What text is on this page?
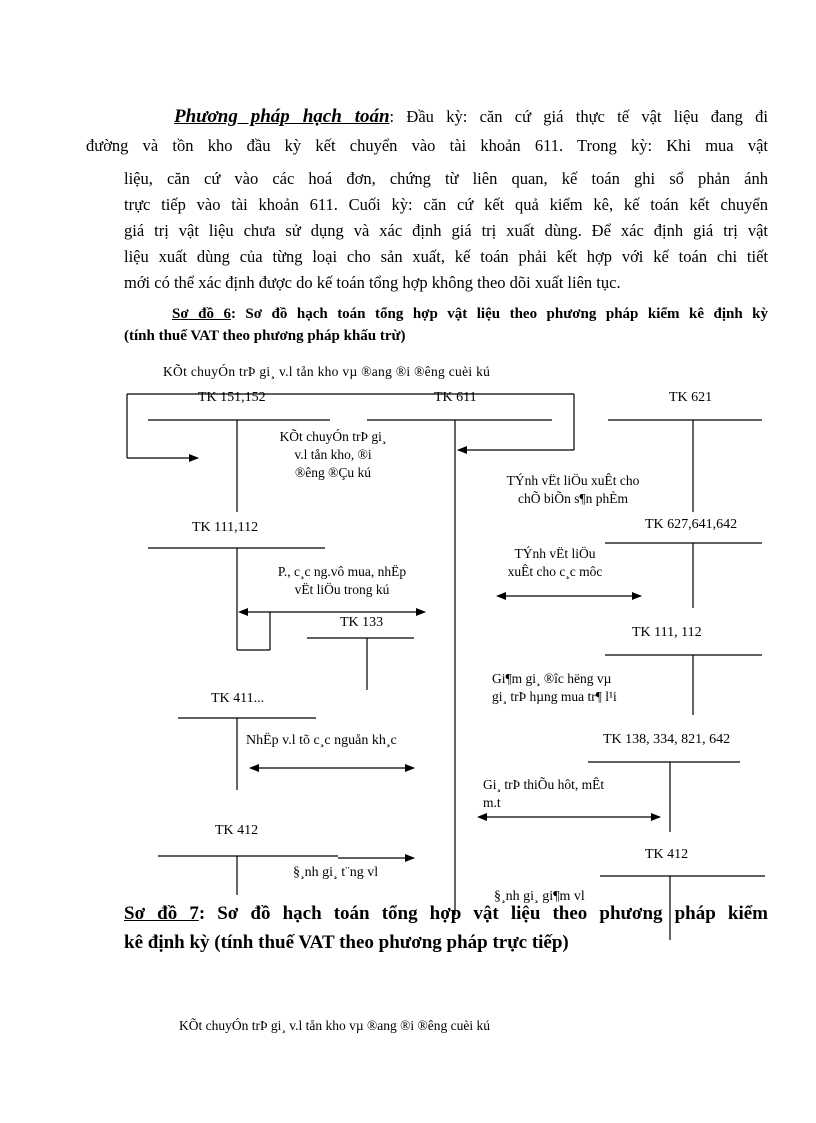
Phương pháp hạch toán: Đầu kỳ: căn cứ giá thực tế vật liệu đang đi

đường và tồn kho đầu kỳ kết chuyển vào tài khoản 611. Trong kỳ: Khi mua vật

liệu, căn cứ vào các hoá đơn, chứng từ liên quan, kế toán ghi sổ phản ánh

trực tiếp vào tài khoản 611. Cuối kỳ: căn cứ kết quả kiểm kê, kế toán kết chuyển

giá trị vật liệu chưa sử dụng và xác định giá trị xuất dùng. Để xác định giá trị vật

liệu xuất dùng của từng loại cho sản xuất, kế toán phải kết hợp với kế toán chi tiết

mới có thể xác định được do kế toán tổng hợp không theo dõi xuất liên tục.

Sơ đồ 6: Sơ đồ hạch toán tổng hợp vật liệu theo phương pháp kiểm kê định kỳ
(tính thuế VAT theo phương pháp khấu trừ)
KÕt chuyÓn trÞ gi¸ v.l tån kho vµ ®ang ®i ®êng cuèi kú
TK 151,152	TK 611	TK 621
KÕt chuyÓn trÞ gi¸
v.l tån kho, ®i
®êng ®Çu kú
TÝnh vËt liÖu xuÊt cho
chÕ biÕn s¶n phÈm
TK 111,112	TK 627,641,642
TÝnh vËt liÖu
xuÊt cho c¸c môc
P., c¸c ng.vô mua, nhËp
vËt liÖu trong kú
TK 133
TK 111, 112
Gi¶m gi¸ ®îc hëng vµ
gi¸ trÞ hµng mua tr¶ l¹i
TK 411...
NhËp v.l tõ c¸c nguån kh¸c	TK 138, 334, 821, 642
Gi¸ trÞ thiÕu hôt, mÊt
m.t
TK 412
TK 412
§¸nh gi¸ t¨ng vl
§¸nh gi¸ gi¶m vl
Sơ đồ 7: Sơ đồ hạch toán tổng hợp vật liệu theo phương pháp kiểm
kê định kỳ (tính thuế VAT theo phương pháp trực tiếp)
KÕt chuyÓn trÞ gi¸ v.l tån kho vµ ®ang ®i ®êng cuèi kú
